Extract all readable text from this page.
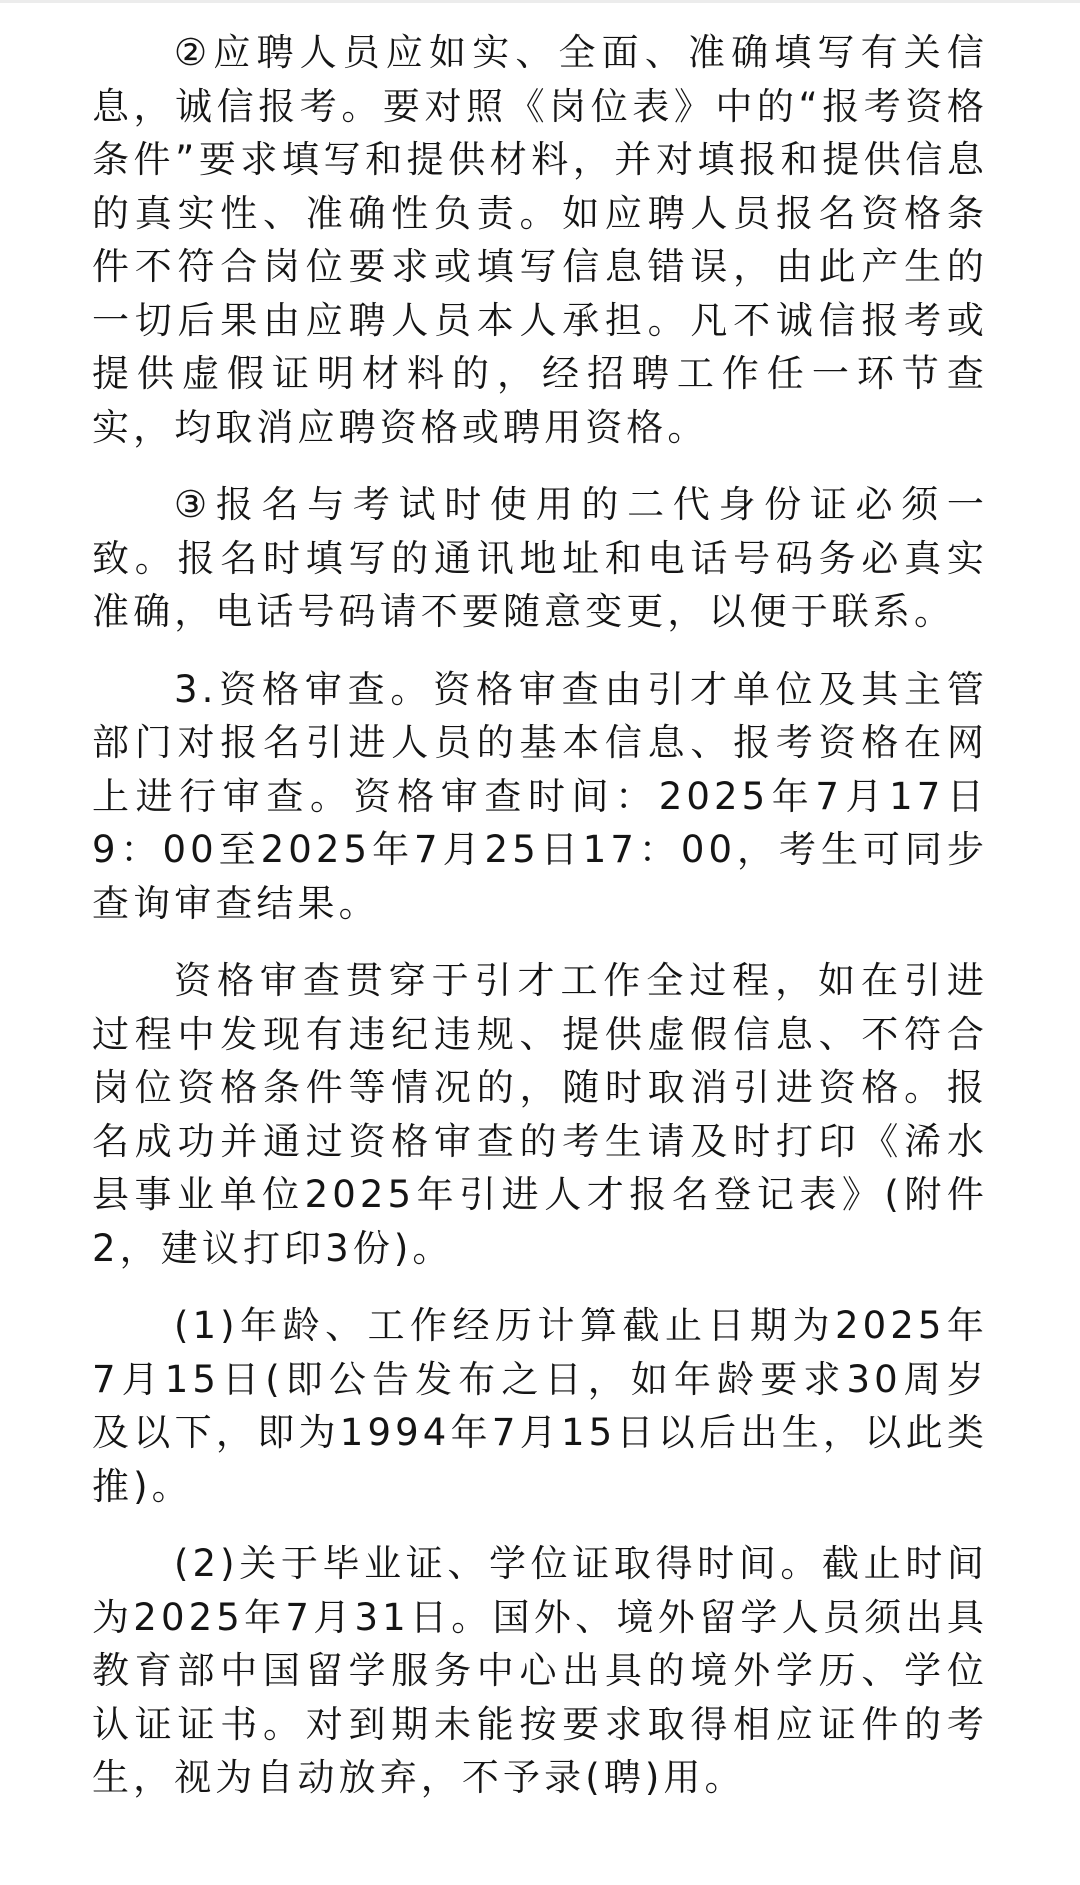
②应聘人员应如实、全面、准确填写有关信息，诚信报考。要对照《岗位表》中的“报考资格条件”要求填写和提供材料，并对填报和提供信息的真实性、准确性负责。如应聘人员报名资格条件不符合岗位要求或填写信息错误，由此产生的一切后果由应聘人员本人承担。凡不诚信报考或提供虚假证明材料的，经招聘工作任一环节查实，均取消应聘资格或聘用资格。

③报名与考试时使用的二代身份证必须一致。报名时填写的通讯地址和电话号码务必真实准确，电话号码请不要随意变更，以便于联系。

3.资格审查。资格审查由引才单位及其主管部门对报名引进人员的基本信息、报考资格在网上进行审查。资格审查时间：2025年7月17日9：00至2025年7月25日17：00，考生可同步查询审查结果。

资格审查贯穿于引才工作全过程，如在引进过程中发现有违纪违规、提供虚假信息、不符合岗位资格条件等情况的，随时取消引进资格。报名成功并通过资格审查的考生请及时打印《浠水县事业单位2025年引进人才报名登记表》(附件2，建议打印3份)。

(1)年龄、工作经历计算截止日期为2025年7月15日(即公告发布之日，如年龄要求30周岁及以下，即为1994年7月15日以后出生，以此类推)。

(2)关于毕业证、学位证取得时间。截止时间为2025年7月31日。国外、境外留学人员须出具教育部中国留学服务中心出具的境外学历、学位认证证书。对到期未能按要求取得相应证件的考生，视为自动放弃，不予录(聘)用。
